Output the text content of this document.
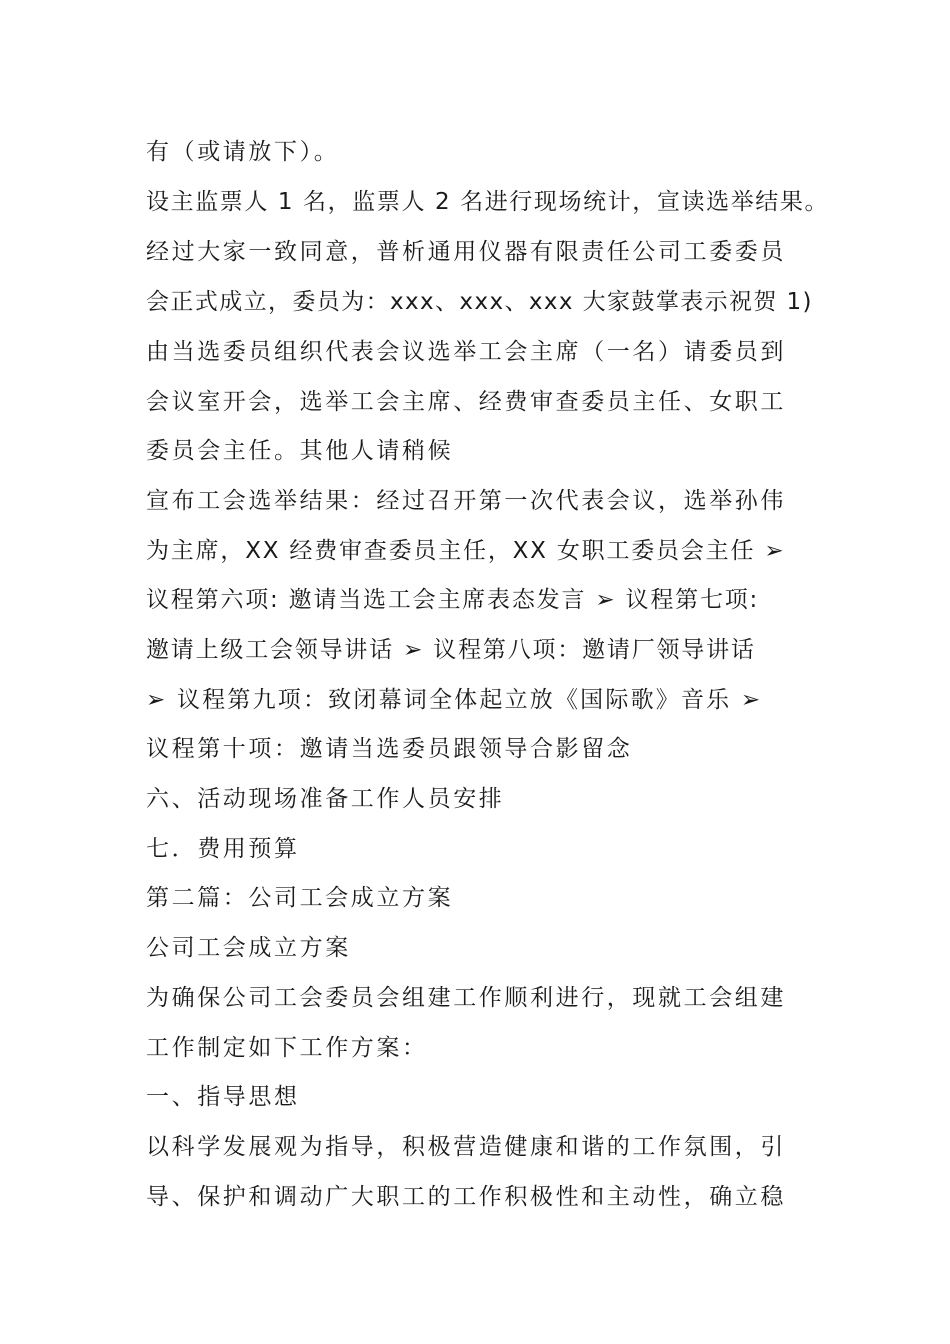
有（或请放下）。
设主监票人 1 名，监票人 2 名进行现场统计，宣读选举结果。
经过大家一致同意，普析通用仪器有限责任公司工委委员
会正式成立，委员为：xxx、xxx、xxx 大家鼓掌表示祝贺 1)
由当选委员组织代表会议选举工会主席（一名）请委员到
会议室开会，选举工会主席、经费审查委员主任、女职工
委员会主任。其他人请稍候
宣布工会选举结果：经过召开第一次代表会议，选举孙伟
为主席，XX 经费审查委员主任，XX 女职工委员会主任 ➢
议程第六项: 邀请当选工会主席表态发言 ➢ 议程第七项:
邀请上级工会领导讲话 ➢ 议程第八项：邀请厂领导讲话
➢ 议程第九项：致闭幕词全体起立放《国际歌》音乐 ➢
议程第十项：邀请当选委员跟领导合影留念
六、活动现场准备工作人员安排
七．费用预算
第二篇：公司工会成立方案
公司工会成立方案
为确保公司工会委员会组建工作顺利进行，现就工会组建
工作制定如下工作方案：
一、指导思想
以科学发展观为指导，积极营造健康和谐的工作氛围，引
导、保护和调动广大职工的工作积极性和主动性，确立稳
